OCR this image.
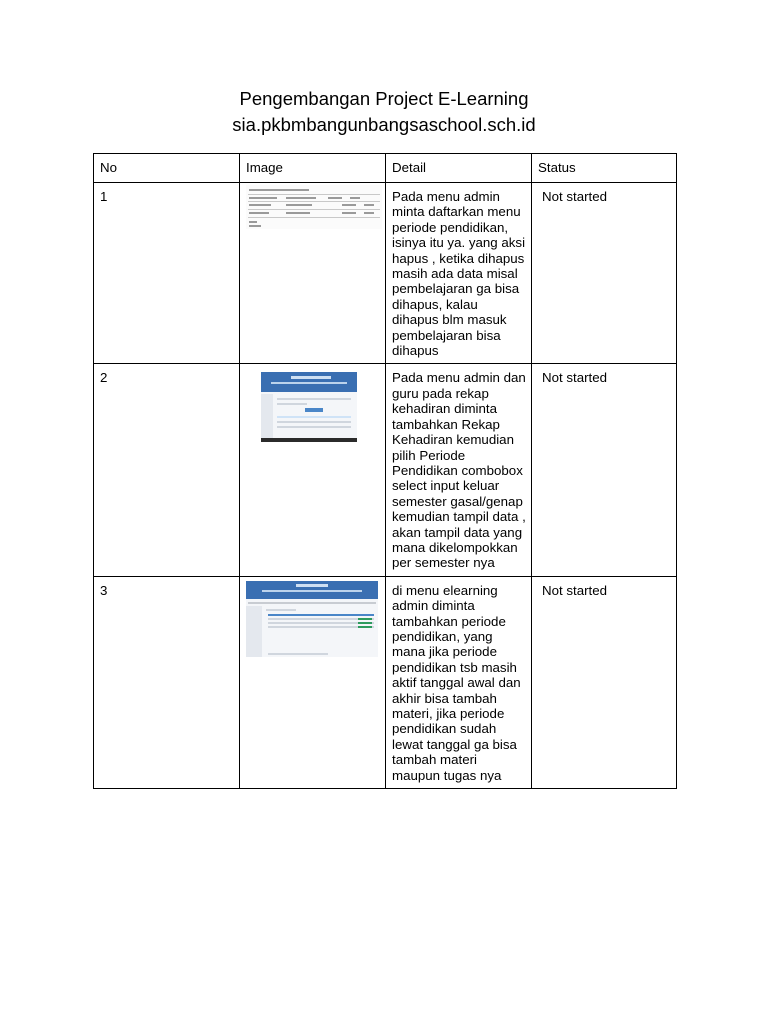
Pengembangan Project E-Learning
sia.pkbmbangunbangsaschool.sch.id
No	Image	Detail	Status
1		Pada menu admin minta daftarkan menu periode pendidikan, isinya itu ya. yang aksi hapus , ketika dihapus masih ada data misal pembelajaran ga bisa dihapus, kalau dihapus blm masuk pembelajaran bisa dihapus	Not started
2		Pada menu admin dan guru pada rekap kehadiran diminta tambahkan Rekap Kehadiran kemudian pilih Periode Pendidikan combobox select input keluar semester gasal/genap kemudian tampil data , akan tampil data yang mana dikelompokkan per semester nya	Not started
3		di menu elearning admin diminta tambahkan periode pendidikan, yang mana jika periode pendidikan tsb masih aktif tanggal awal dan akhir bisa tambah materi, jika periode pendidikan sudah lewat tanggal ga bisa tambah materi maupun tugas nya	Not started
